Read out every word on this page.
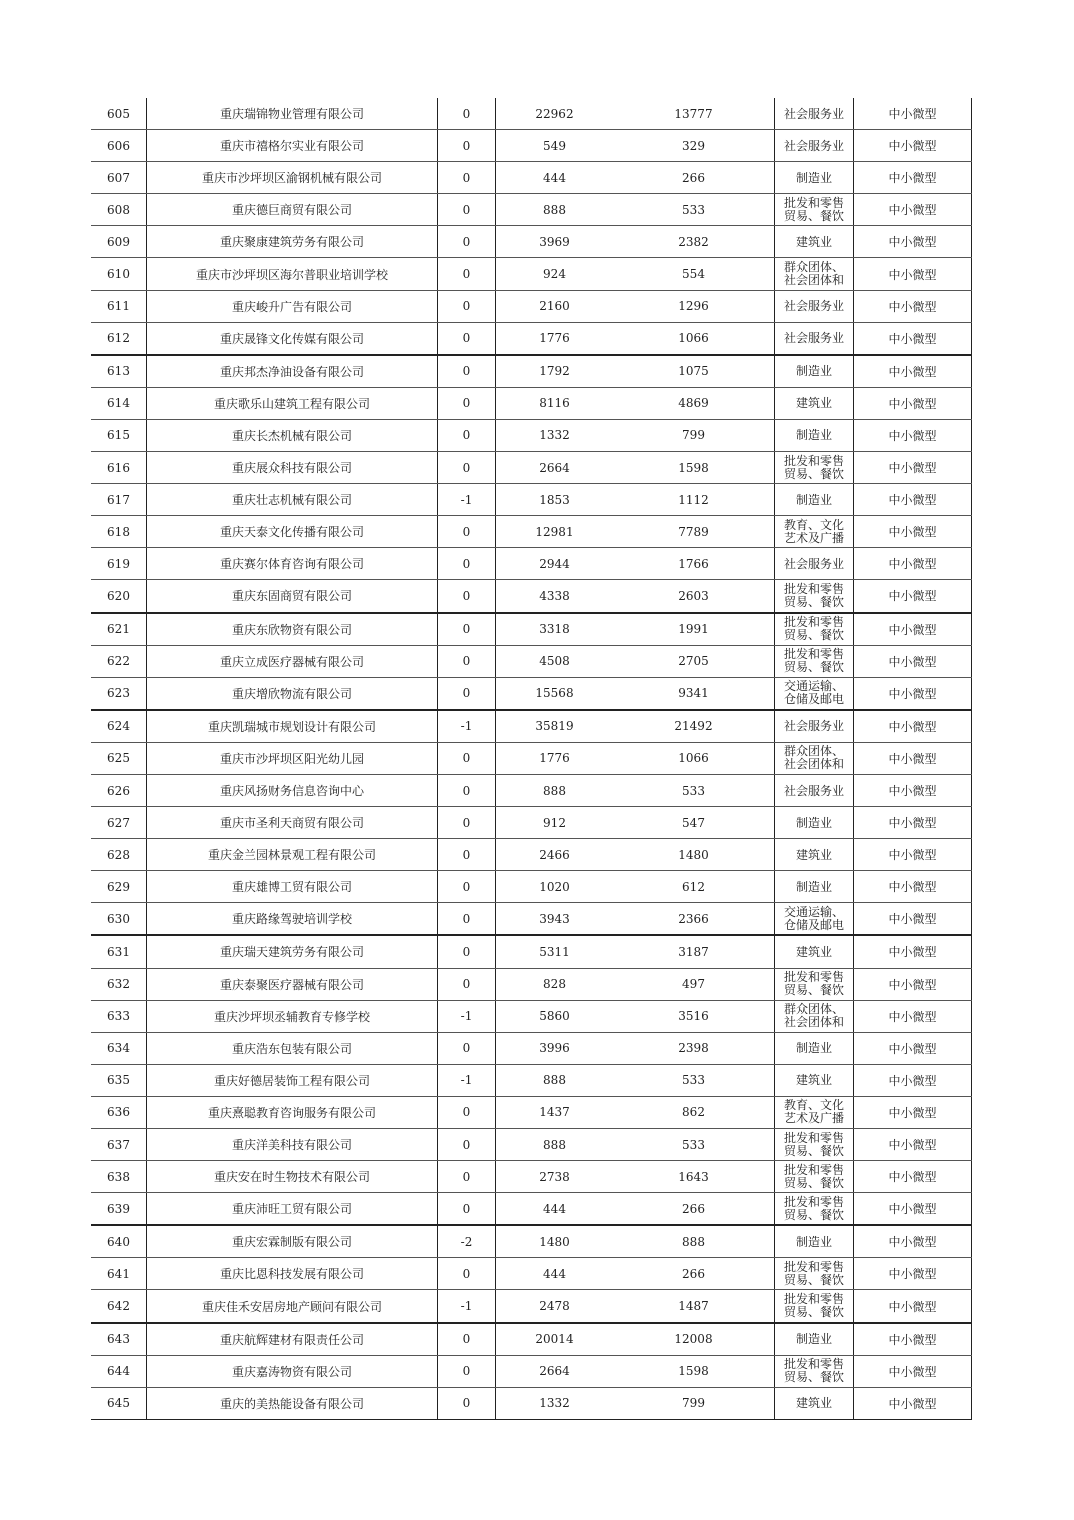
605	重庆瑞锦物业管理有限公司	0	22962	13777	社会服务业	中小微型
606	重庆市禧格尔实业有限公司	0	549	329	社会服务业	中小微型
607	重庆市沙坪坝区渝钢机械有限公司	0	444	266	制造业	中小微型
608	重庆德巨商贸有限公司	0	888	533	批发和零售贸易、餐饮	中小微型
609	重庆聚康建筑劳务有限公司	0	3969	2382	建筑业	中小微型
610	重庆市沙坪坝区海尔普职业培训学校	0	924	554	群众团体、社会团体和	中小微型
611	重庆峻升广告有限公司	0	2160	1296	社会服务业	中小微型
612	重庆晟锋文化传媒有限公司	0	1776	1066	社会服务业	中小微型
613	重庆邦杰净油设备有限公司	0	1792	1075	制造业	中小微型
614	重庆歌乐山建筑工程有限公司	0	8116	4869	建筑业	中小微型
615	重庆长杰机械有限公司	0	1332	799	制造业	中小微型
616	重庆展众科技有限公司	0	2664	1598	批发和零售贸易、餐饮	中小微型
617	重庆壮志机械有限公司	-1	1853	1112	制造业	中小微型
618	重庆天泰文化传播有限公司	0	12981	7789	教育、文化艺术及广播	中小微型
619	重庆赛尔体育咨询有限公司	0	2944	1766	社会服务业	中小微型
620	重庆东固商贸有限公司	0	4338	2603	批发和零售贸易、餐饮	中小微型
621	重庆东欣物资有限公司	0	3318	1991	批发和零售贸易、餐饮	中小微型
622	重庆立成医疗器械有限公司	0	4508	2705	批发和零售贸易、餐饮	中小微型
623	重庆增欣物流有限公司	0	15568	9341	交通运输、仓储及邮电	中小微型
624	重庆凯瑞城市规划设计有限公司	-1	35819	21492	社会服务业	中小微型
625	重庆市沙坪坝区阳光幼儿园	0	1776	1066	群众团体、社会团体和	中小微型
626	重庆风扬财务信息咨询中心	0	888	533	社会服务业	中小微型
627	重庆市圣利天商贸有限公司	0	912	547	制造业	中小微型
628	重庆金兰园林景观工程有限公司	0	2466	1480	建筑业	中小微型
629	重庆雄博工贸有限公司	0	1020	612	制造业	中小微型
630	重庆路缘驾驶培训学校	0	3943	2366	交通运输、仓储及邮电	中小微型
631	重庆瑞天建筑劳务有限公司	0	5311	3187	建筑业	中小微型
632	重庆泰聚医疗器械有限公司	0	828	497	批发和零售贸易、餐饮	中小微型
633	重庆沙坪坝丞辅教育专修学校	-1	5860	3516	群众团体、社会团体和	中小微型
634	重庆浩东包装有限公司	0	3996	2398	制造业	中小微型
635	重庆好德居装饰工程有限公司	-1	888	533	建筑业	中小微型
636	重庆熹聪教育咨询服务有限公司	0	1437	862	教育、文化艺术及广播	中小微型
637	重庆洋美科技有限公司	0	888	533	批发和零售贸易、餐饮	中小微型
638	重庆安在时生物技术有限公司	0	2738	1643	批发和零售贸易、餐饮	中小微型
639	重庆沛旺工贸有限公司	0	444	266	批发和零售贸易、餐饮	中小微型
640	重庆宏霖制版有限公司	-2	1480	888	制造业	中小微型
641	重庆比恩科技发展有限公司	0	444	266	批发和零售贸易、餐饮	中小微型
642	重庆佳禾安居房地产顾问有限公司	-1	2478	1487	批发和零售贸易、餐饮	中小微型
643	重庆航辉建材有限责任公司	0	20014	12008	制造业	中小微型
644	重庆嘉涛物资有限公司	0	2664	1598	批发和零售贸易、餐饮	中小微型
645	重庆的美热能设备有限公司	0	1332	799	建筑业	中小微型
